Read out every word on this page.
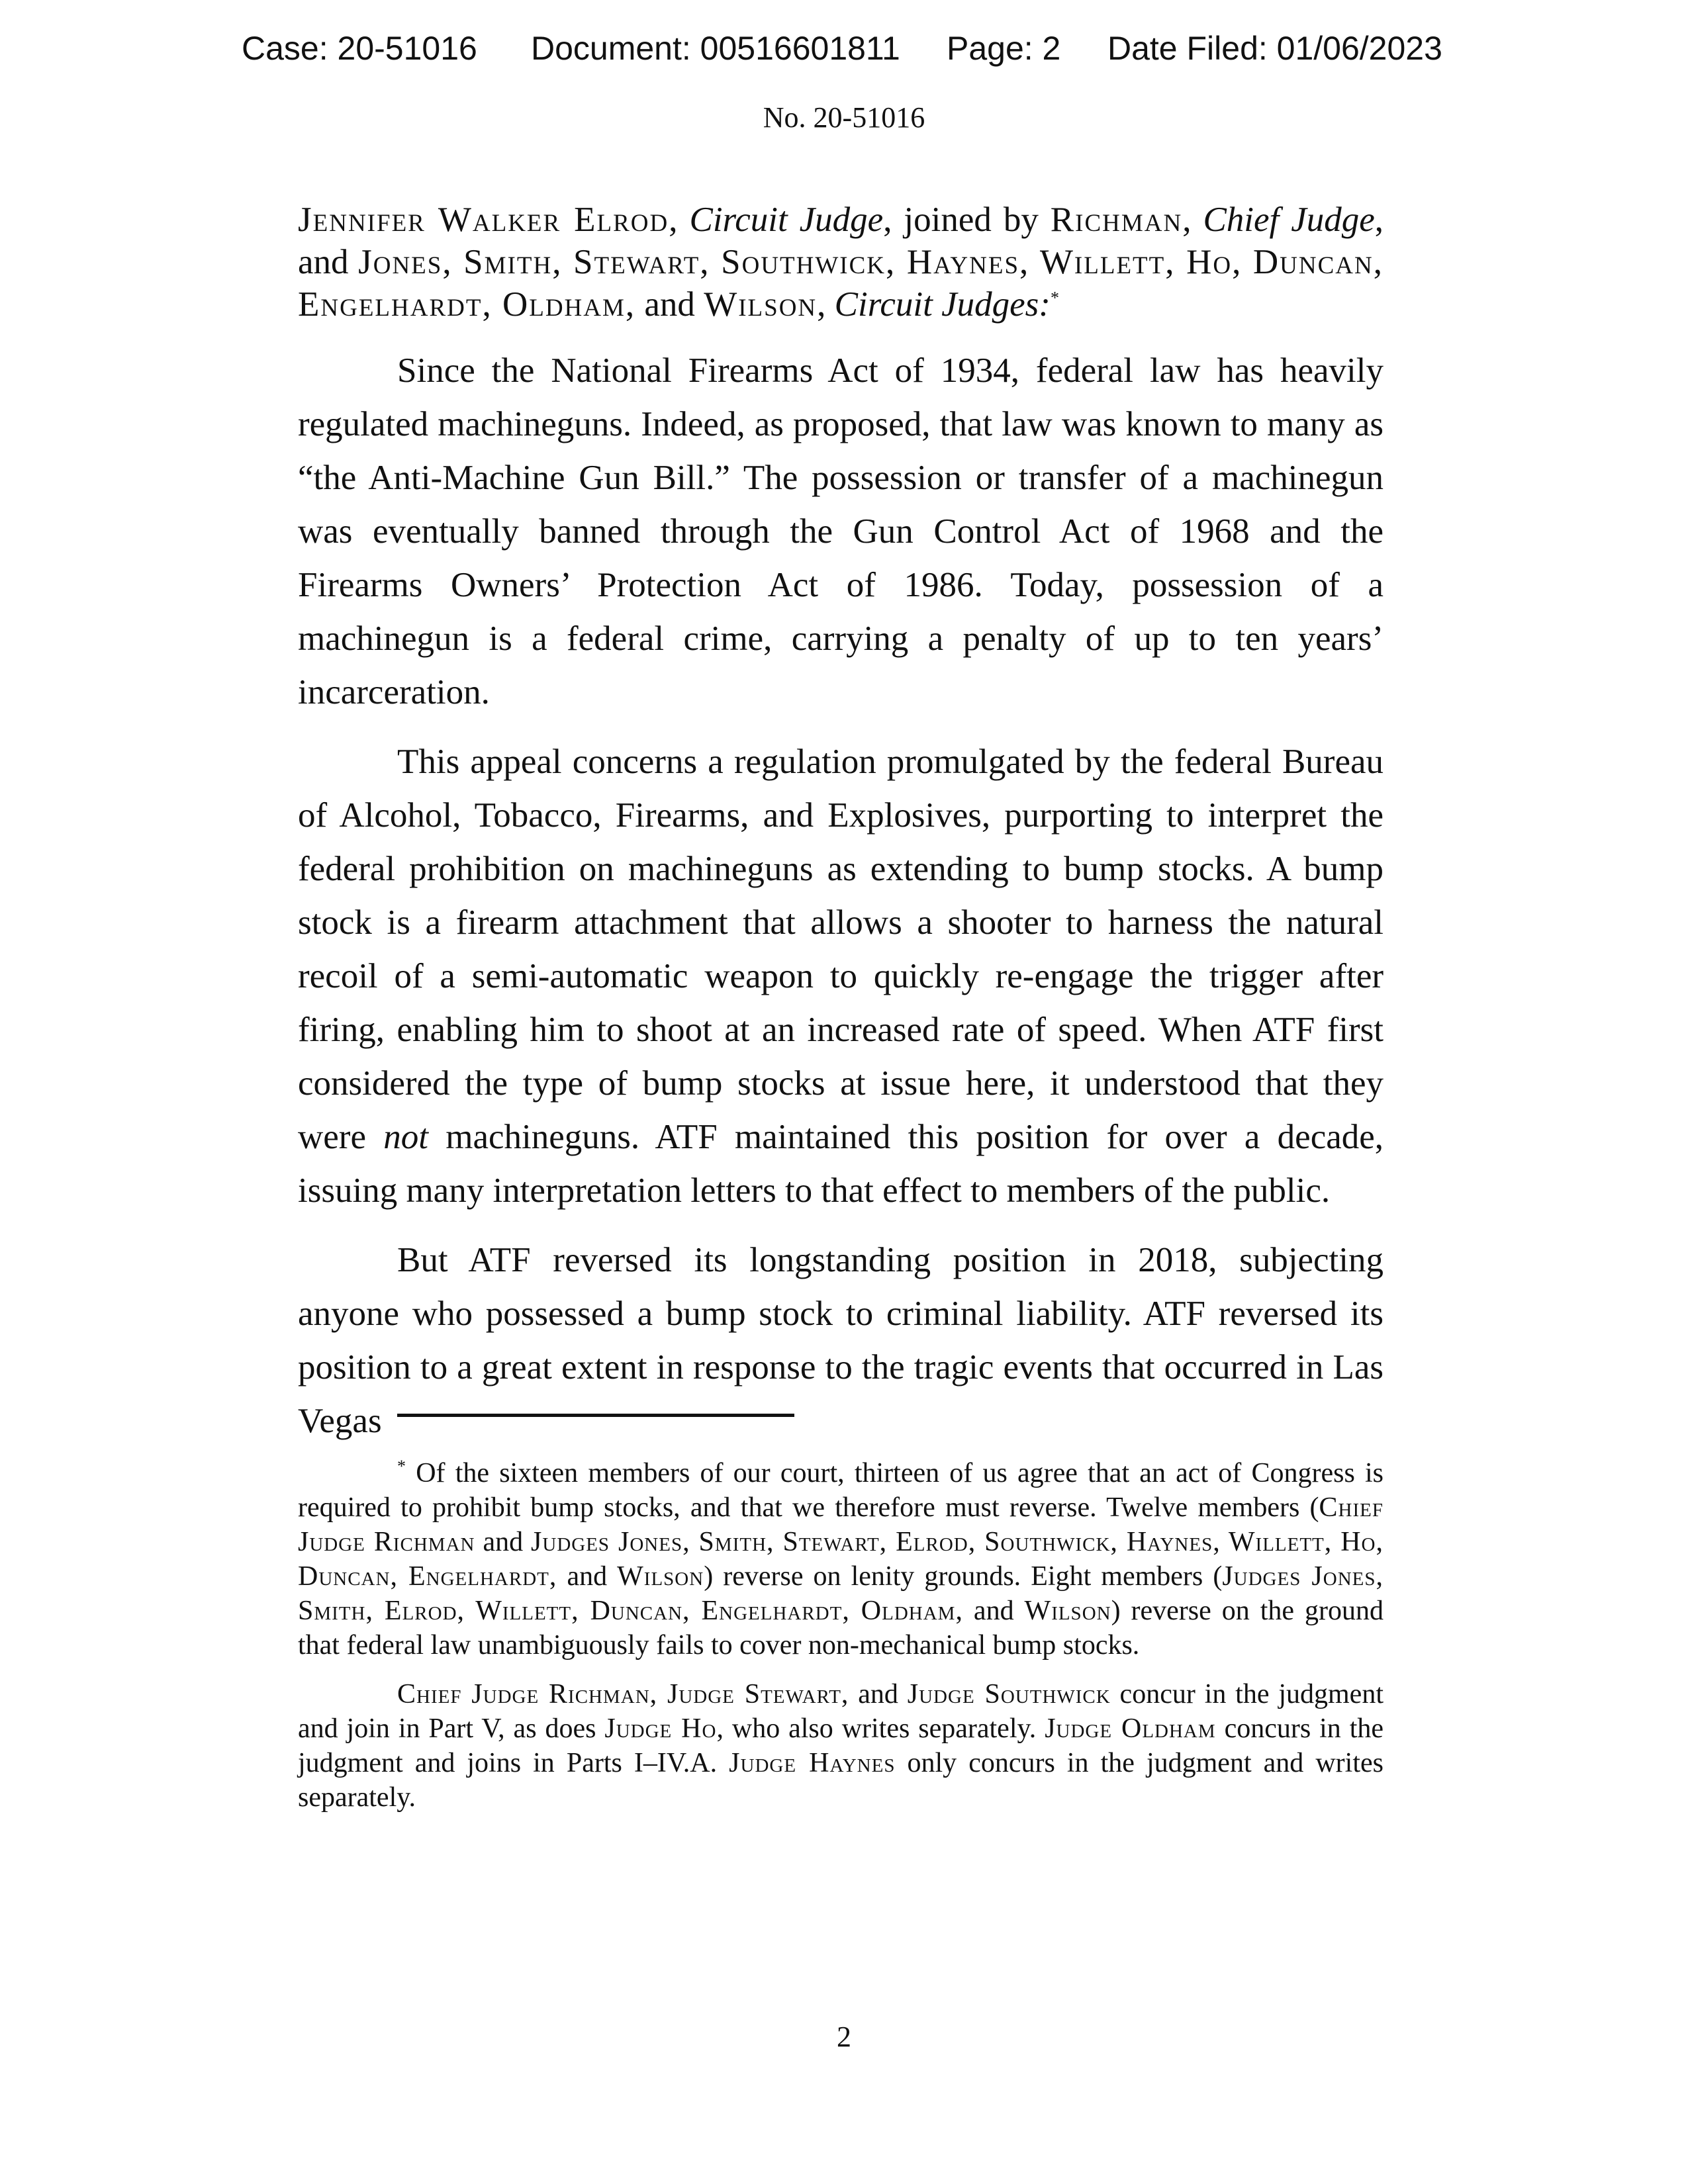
Case: 20-51016 Document: 00516601811 Page: 2 Date Filed: 01/06/2023
No. 20-51016

Jennifer Walker Elrod, Circuit Judge, joined by Richman, Chief Judge, and Jones, Smith, Stewart, Southwick, Haynes, Willett, Ho, Duncan, Engelhardt, Oldham, and Wilson, Circuit Judges:*

Since the National Firearms Act of 1934, federal law has heavily regulated machineguns. Indeed, as proposed, that law was known to many as “the Anti-Machine Gun Bill.” The possession or transfer of a machinegun was eventually banned through the Gun Control Act of 1968 and the Firearms Owners’ Protection Act of 1986. Today, possession of a machinegun is a federal crime, carrying a penalty of up to ten years’ incarceration.

This appeal concerns a regulation promulgated by the federal Bureau of Alcohol, Tobacco, Firearms, and Explosives, purporting to interpret the federal prohibition on machineguns as extending to bump stocks. A bump stock is a firearm attachment that allows a shooter to harness the natural recoil of a semi-automatic weapon to quickly re-engage the trigger after firing, enabling him to shoot at an increased rate of speed. When ATF first considered the type of bump stocks at issue here, it understood that they were not machineguns. ATF maintained this position for over a decade, issuing many interpretation letters to that effect to members of the public.

But ATF reversed its longstanding position in 2018, subjecting anyone who possessed a bump stock to criminal liability. ATF reversed its position to a great extent in response to the tragic events that occurred in Las Vegas

* Of the sixteen members of our court, thirteen of us agree that an act of Congress is required to prohibit bump stocks, and that we therefore must reverse. Twelve members (Chief Judge Richman and Judges Jones, Smith, Stewart, Elrod, Southwick, Haynes, Willett, Ho, Duncan, Engelhardt, and Wilson) reverse on lenity grounds. Eight members (Judges Jones, Smith, Elrod, Willett, Duncan, Engelhardt, Oldham, and Wilson) reverse on the ground that federal law unambiguously fails to cover non-mechanical bump stocks.

Chief Judge Richman, Judge Stewart, and Judge Southwick concur in the judgment and join in Part V, as does Judge Ho, who also writes separately. Judge Oldham concurs in the judgment and joins in Parts I–IV.A. Judge Haynes only concurs in the judgment and writes separately.

2
